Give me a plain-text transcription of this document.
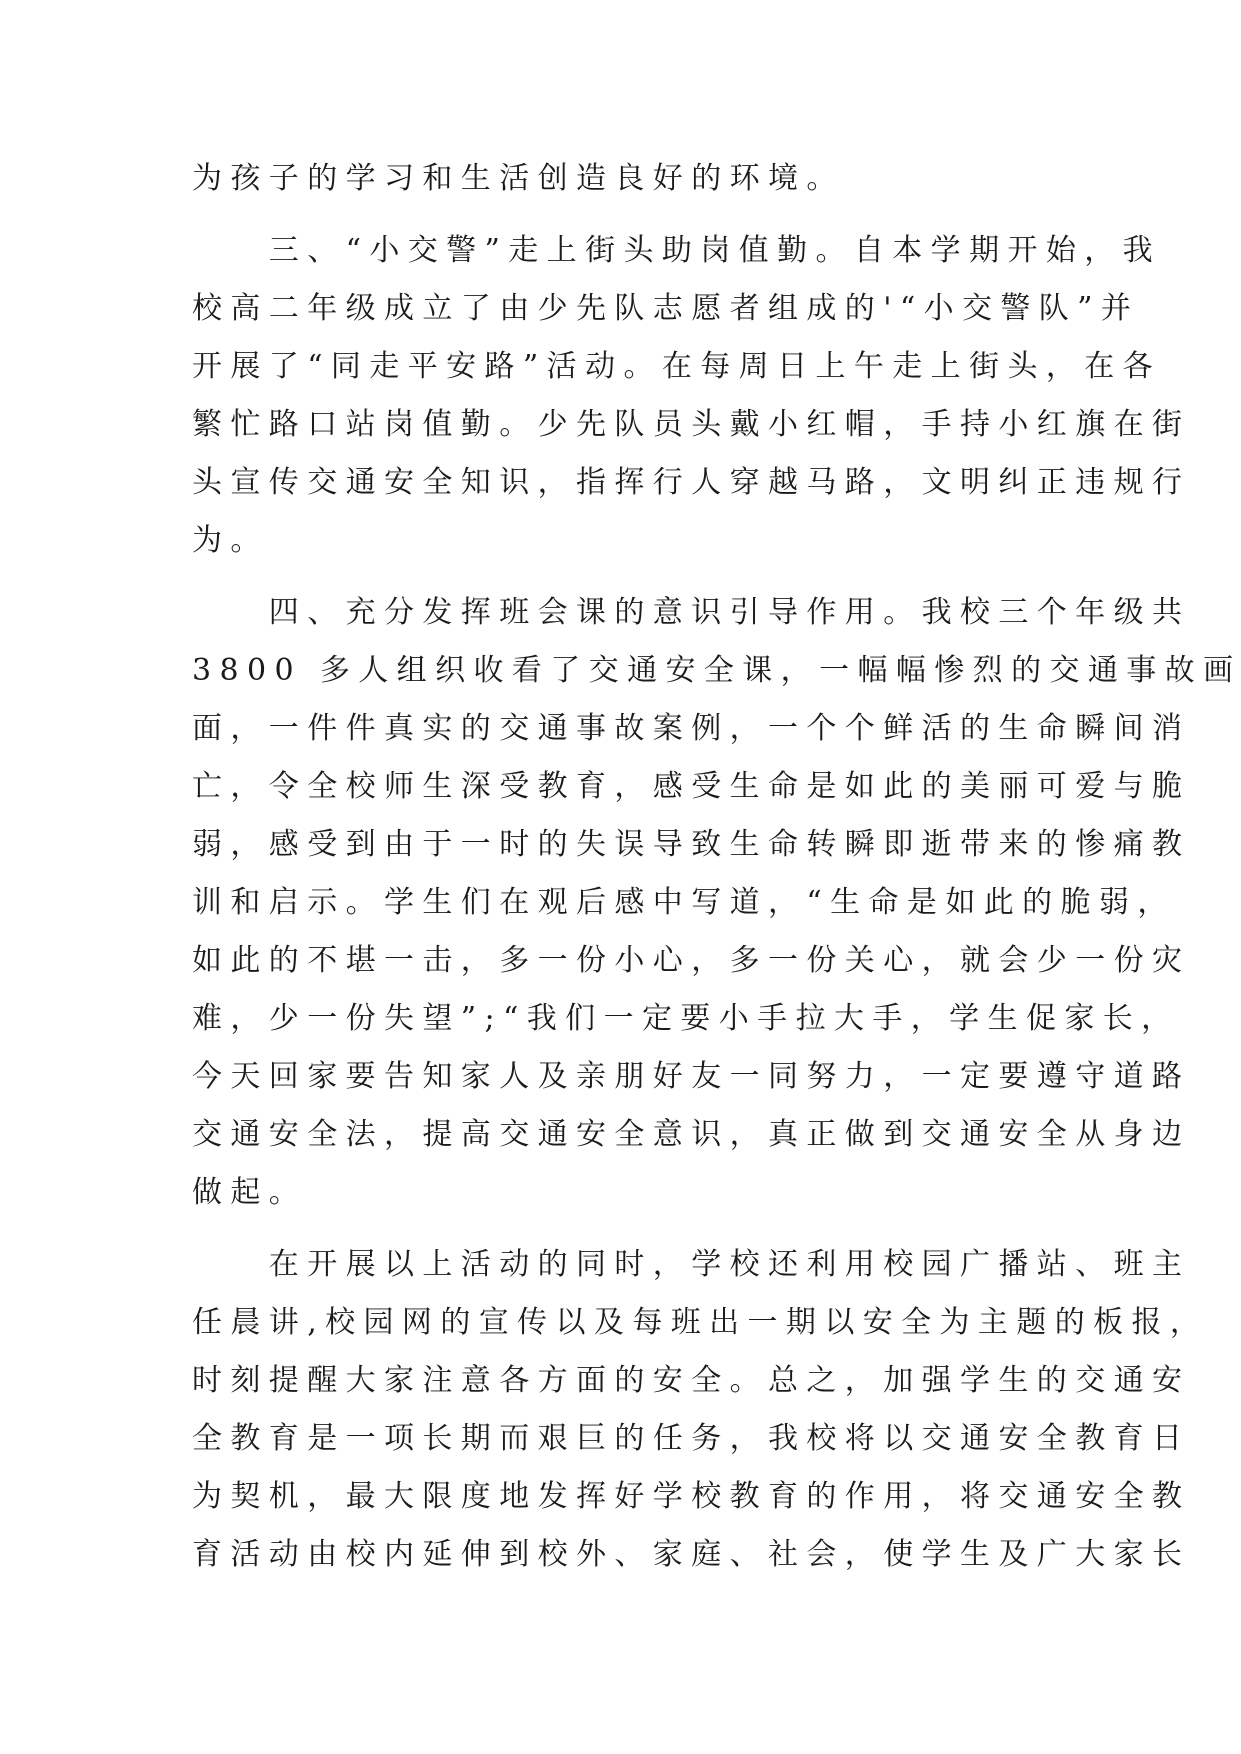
为孩子的学习和生活创造良好的环境。
　　三、“小交警”走上街头助岗值勤。自本学期开始，我
校高二年级成立了由少先队志愿者组成的'“小交警队”并
开展了“同走平安路”活动。在每周日上午走上街头，在各
繁忙路口站岗值勤。少先队员头戴小红帽，手持小红旗在街
头宣传交通安全知识，指挥行人穿越马路，文明纠正违规行
为。
　　四、充分发挥班会课的意识引导作用。我校三个年级共
3800 多人组织收看了交通安全课，一幅幅惨烈的交通事故画
面，一件件真实的交通事故案例，一个个鲜活的生命瞬间消
亡，令全校师生深受教育，感受生命是如此的美丽可爱与脆
弱，感受到由于一时的失误导致生命转瞬即逝带来的惨痛教
训和启示。学生们在观后感中写道，“生命是如此的脆弱，
如此的不堪一击，多一份小心，多一份关心，就会少一份灾
难，少一份失望”;“我们一定要小手拉大手，学生促家长，
今天回家要告知家人及亲朋好友一同努力，一定要遵守道路
交通安全法，提高交通安全意识，真正做到交通安全从身边
做起。
　　在开展以上活动的同时，学校还利用校园广播站、班主
任晨讲,校园网的宣传以及每班出一期以安全为主题的板报，
时刻提醒大家注意各方面的安全。总之，加强学生的交通安
全教育是一项长期而艰巨的任务，我校将以交通安全教育日
为契机，最大限度地发挥好学校教育的作用，将交通安全教
育活动由校内延伸到校外、家庭、社会，使学生及广大家长
